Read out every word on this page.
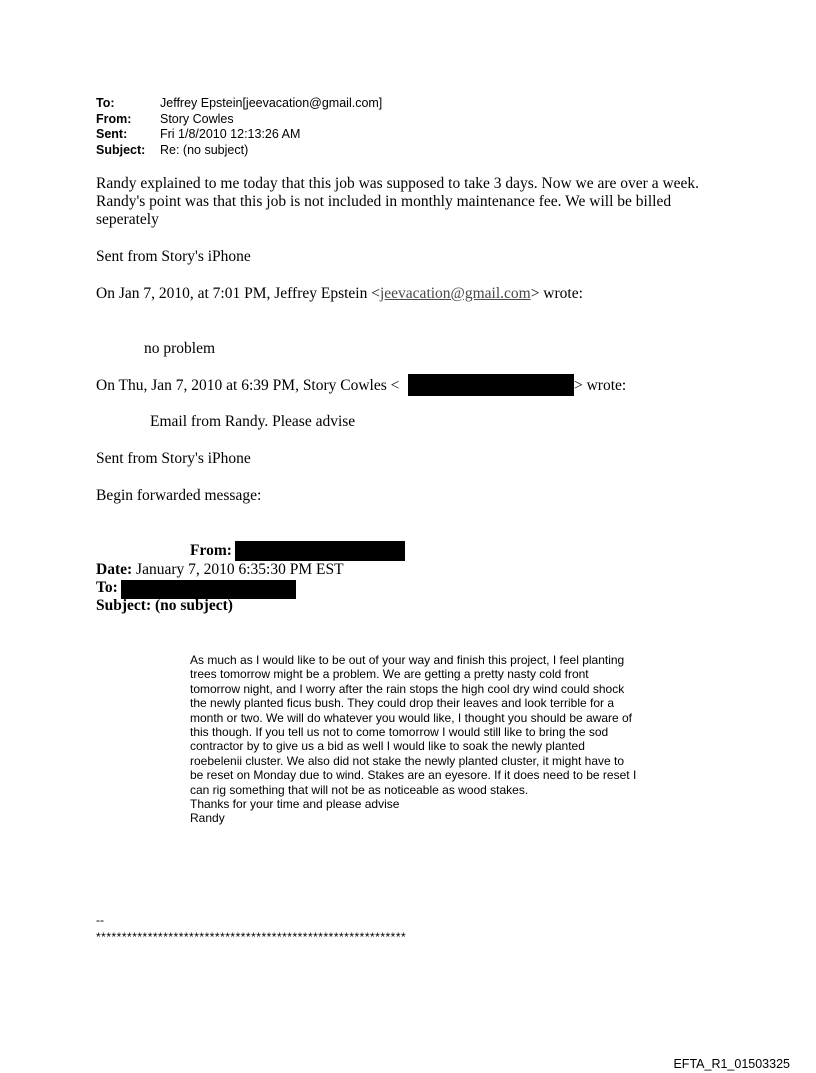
To:	Jeffrey Epstein[jeevacation@gmail.com]
From:	Story Cowles
Sent:	Fri 1/8/2010 12:13:26 AM
Subject:	Re: (no subject)
Randy explained to me today that this job was supposed to take 3 days. Now we are over a week.
Randy's point was that this job is not included in monthly maintenance fee. We will be billed
seperately
Sent from Story's iPhone
On Jan 7, 2010, at 7:01 PM, Jeffrey Epstein <jeevacation@gmail.com> wrote:
no problem
On Thu, Jan 7, 2010 at 6:39 PM, Story Cowles <	> wrote:
Email from Randy. Please advise
Sent from Story's iPhone
Begin forwarded message:
From:
Date: January 7, 2010 6:35:30 PM EST
To:
Subject: (no subject)

As much as I would like to be out of your way and finish this project, I feel planting trees tomorrow might be a problem. We are getting a pretty nasty cold front tomorrow night, and I worry after the rain stops the high cool dry wind could shock the newly planted ficus bush. They could drop their leaves and look terrible for a month or two. We will do whatever you would like, I thought you should be aware of this though. If you tell us not to come tomorrow I would still like to bring the sod contractor by to give us a bid as well I would like to soak the newly planted roebelenii cluster. We also did not stake the newly planted cluster, it might have to be reset on Monday due to wind. Stakes are an eyesore. If it does need to be reset I can rig something that will not be as noticeable as wood stakes.

Thanks for your time and please advise

Randy

--
************************************************************
EFTA_R1_01503325
